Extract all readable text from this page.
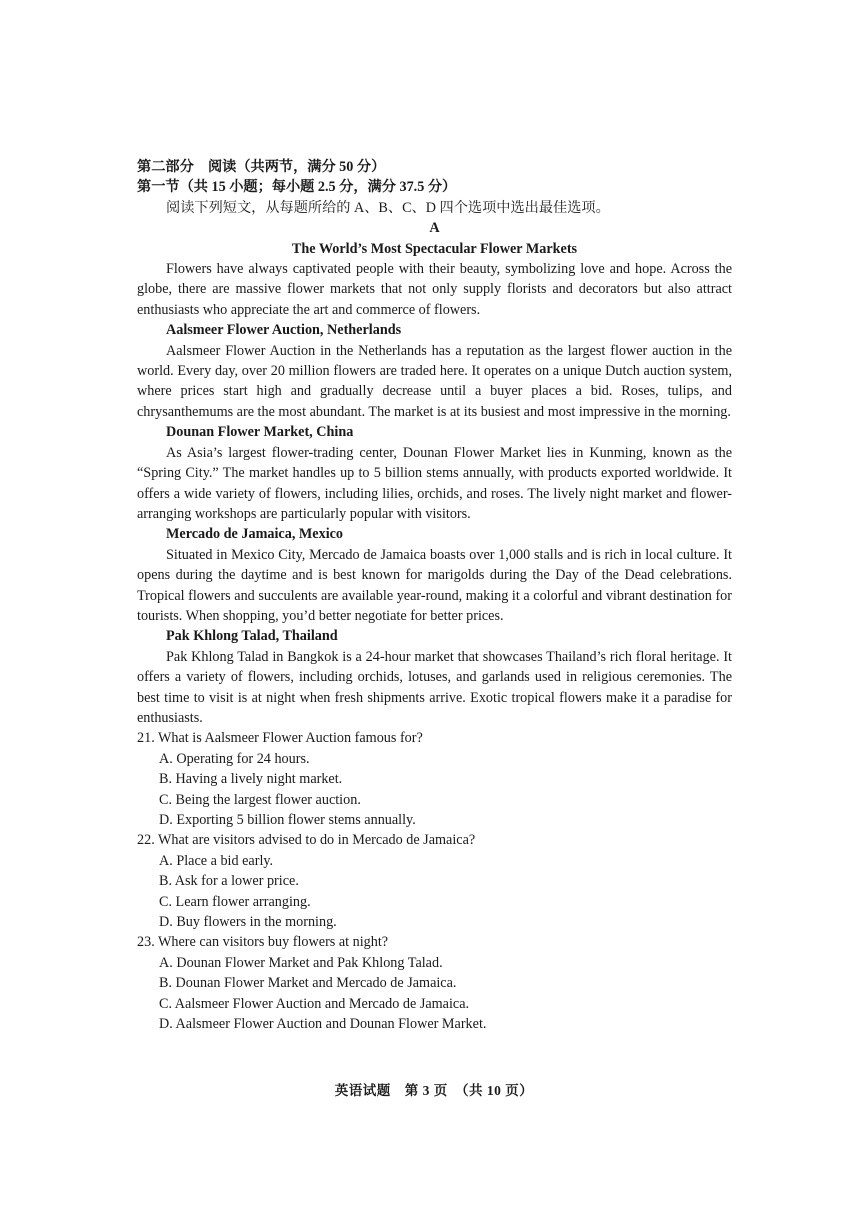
第二部分　阅读（共两节，满分 50 分）

第一节（共 15 小题；每小题 2.5 分，满分 37.5 分）

阅读下列短文，从每题所给的 A、B、C、D 四个选项中选出最佳选项。

A

The World’s Most Spectacular Flower Markets

Flowers have always captivated people with their beauty, symbolizing love and hope. Across the globe, there are massive flower markets that not only supply florists and decorators but also attract enthusiasts who appreciate the art and commerce of flowers.

Aalsmeer Flower Auction, Netherlands

Aalsmeer Flower Auction in the Netherlands has a reputation as the largest flower auction in the world. Every day, over 20 million flowers are traded here. It operates on a unique Dutch auction system, where prices start high and gradually decrease until a buyer places a bid. Roses, tulips, and chrysanthemums are the most abundant. The market is at its busiest and most impressive in the morning.

Dounan Flower Market, China

As Asia’s largest flower-trading center, Dounan Flower Market lies in Kunming, known as the “Spring City.” The market handles up to 5 billion stems annually, with products exported worldwide. It offers a wide variety of flowers, including lilies, orchids, and roses. The lively night market and flower-arranging workshops are particularly popular with visitors.

Mercado de Jamaica, Mexico

Situated in Mexico City, Mercado de Jamaica boasts over 1,000 stalls and is rich in local culture. It opens during the daytime and is best known for marigolds during the Day of the Dead celebrations. Tropical flowers and succulents are available year-round, making it a colorful and vibrant destination for tourists. When shopping, you’d better negotiate for better prices.

Pak Khlong Talad, Thailand

Pak Khlong Talad in Bangkok is a 24-hour market that showcases Thailand’s rich floral heritage. It offers a variety of flowers, including orchids, lotuses, and garlands used in religious ceremonies. The best time to visit is at night when fresh shipments arrive. Exotic tropical flowers make it a paradise for enthusiasts.

21. What is Aalsmeer Flower Auction famous for?

A. Operating for 24 hours.

B. Having a lively night market.

C. Being the largest flower auction.

D. Exporting 5 billion flower stems annually.

22. What are visitors advised to do in Mercado de Jamaica?

A. Place a bid early.

B. Ask for a lower price.

C. Learn flower arranging.

D. Buy flowers in the morning.

23. Where can visitors buy flowers at night?

A. Dounan Flower Market and Pak Khlong Talad.

B. Dounan Flower Market and Mercado de Jamaica.

C. Aalsmeer Flower Auction and Mercado de Jamaica.

D. Aalsmeer Flower Auction and Dounan Flower Market.

英语试题　第 3 页　（共 10 页）
